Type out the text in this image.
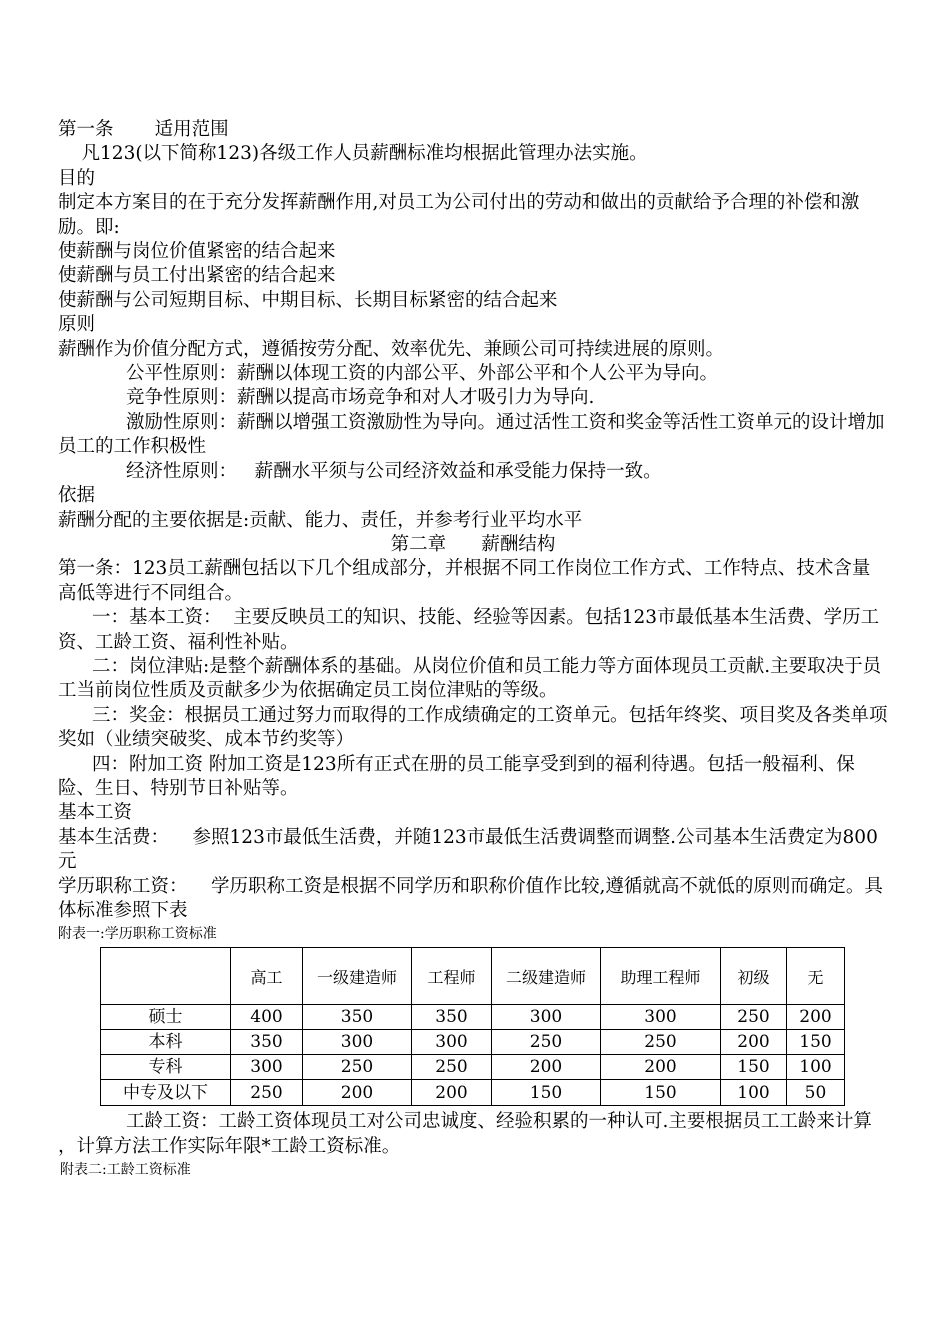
第一条       适用范围

凡123(以下简称123)各级工作人员薪酬标准均根据此管理办法实施。

目的

制定本方案目的在于充分发挥薪酬作用,对员工为公司付出的劳动和做出的贡献给予合理的补偿和激励。即:

使薪酬与岗位价值紧密的结合起来

使薪酬与员工付出紧密的结合起来

使薪酬与公司短期目标、中期目标、长期目标紧密的结合起来

原则

薪酬作为价值分配方式，遵循按劳分配、效率优先、兼顾公司可持续进展的原则。

公平性原则：薪酬以体现工资的内部公平、外部公平和个人公平为导向。

竞争性原则：薪酬以提高市场竞争和对人才吸引力为导向.

激励性原则：薪酬以增强工资激励性为导向。通过活性工资和奖金等活性工资单元的设计增加员工的工作积极性

经济性原则：   薪酬水平须与公司经济效益和承受能力保持一致。

依据

薪酬分配的主要依据是:贡献、能力、责任，并参考行业平均水平

第二章      薪酬结构

第一条：123员工薪酬包括以下几个组成部分，并根据不同工作岗位工作方式、工作特点、技术含量高低等进行不同组合。

一：基本工资：  主要反映员工的知识、技能、经验等因素。包括123市最低基本生活费、学历工资、工龄工资、福利性补贴。

二：岗位津贴:是整个薪酬体系的基础。从岗位价值和员工能力等方面体现员工贡献.主要取决于员工当前岗位性质及贡献多少为依据确定员工岗位津贴的等级。

三：奖金：根据员工通过努力而取得的工作成绩确定的工资单元。包括年终奖、项目奖及各类单项奖如（业绩突破奖、成本节约奖等）

四：附加工资 附加工资是123所有正式在册的员工能享受到到的福利待遇。包括一般福利、保险、生日、特别节日补贴等。

基本工资

基本生活费：    参照123市最低生活费，并随123市最低生活费调整而调整.公司基本生活费定为800元

学历职称工资：    学历职称工资是根据不同学历和职称价值作比较,遵循就高不就低的原则而确定。具体标准参照下表

附表一:学历职称工资标准

	高工	一级建造师	工程师	二级建造师	助理工程师	初级	无
硕士	400	350	350	300	300	250	200
本科	350	300	300	250	250	200	150
专科	300	250	250	200	200	150	100
中专及以下	250	200	200	150	150	100	50

工龄工资：工龄工资体现员工对公司忠诚度、经验积累的一种认可.主要根据员工工龄来计算 ，计算方法工作实际年限*工龄工资标准。

附表二:工龄工资标准
